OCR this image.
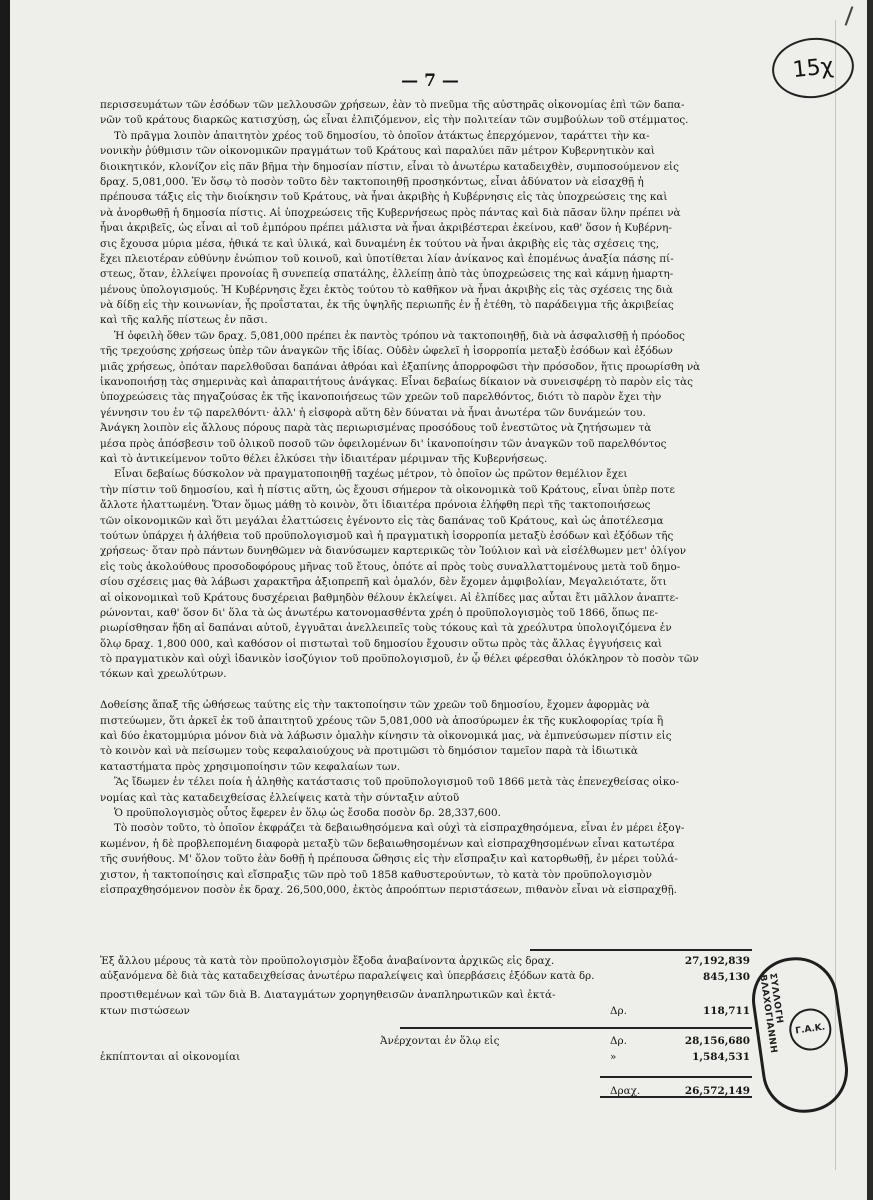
15χ
— 7 —
περισσευμάτων τῶν ἐσόδων τῶν μελλουσῶν χρήσεων, ἐὰν τὸ πνεῦμα τῆς αὐστηρᾶς οἰκονομίας ἐπὶ τῶν δαπα-
νῶν τοῦ κράτους διαρκῶς κατισχύσῃ, ὡς εἶναι ἐλπιζόμενον, εἰς τὴν πολιτείαν τῶν συμβούλων τοῦ στέμματος.
Τὸ πρᾶγμα λοιπὸν ἀπαιτητὸν χρέος τοῦ δημοσίου, τὸ ὁποῖον ἀτάκτως ἐπερχόμενον, ταράττει τὴν κα-
νονικὴν ῥύθμισιν τῶν οἰκονομικῶν πραγμάτων τοῦ Κράτους καὶ παραλύει πᾶν μέτρον Κυβερνητικὸν καὶ
διοικητικόν, κλονίζον εἰς πᾶν βῆμα τὴν δημοσίαν πίστιν, εἶναι τὸ ἀνωτέρω καταδειχθὲν, συμποσούμενον εἰς
δραχ. 5,081,000. Ἐν ὅσῳ τὸ ποσὸν τοῦτο δὲν τακτοποιηθῇ προσηκόντως, εἶναι ἀδύνατον νὰ εἰσαχθῇ ἡ
πρέπουσα τάξις εἰς τὴν διοίκησιν τοῦ Κράτους, νὰ ἦναι ἀκριβὴς ἡ Κυβέρνησις εἰς τὰς ὑποχρεώσεις της καὶ
νὰ ἀνορθωθῇ ἡ δημοσία πίστις. Αἱ ὑποχρεώσεις τῆς Κυβερνήσεως πρὸς πάντας καὶ διὰ πᾶσαν ὕλην πρέπει νὰ
ἦναι ἀκριβεῖς, ὡς εἶναι αἱ τοῦ ἐμπόρου πρέπει μάλιστα νὰ ἦναι ἀκριβέστεραι ἐκείνου, καθ' ὅσον ἡ Κυβέρνη-
σις ἔχουσα μύρια μέσα, ἠθικά τε καὶ ὑλικά, καὶ δυναμένη ἐκ τούτου νὰ ἦναι ἀκριβὴς εἰς τὰς σχέσεις της,
ἔχει πλειοτέραν εὐθύνην ἐνώπιον τοῦ κοινοῦ, καὶ ὑποτίθεται λίαν ἀνίκανος καὶ ἑπομένως ἀναξία πάσης πί-
στεως, ὅταν, ἐλλείψει προνοίας ἢ συνεπείᾳ σπατάλης, ἐλλείπῃ ἀπὸ τὰς ὑποχρεώσεις της καὶ κάμνῃ ἡμαρτη-
μένους ὑπολογισμούς. Ἡ Κυβέρνησις ἔχει ἐκτὸς τούτου τὸ καθῆκον νὰ ἦναι ἀκριβὴς εἰς τὰς σχέσεις της διὰ
νὰ δίδῃ εἰς τὴν κοινωνίαν, ἧς προΐσταται, ἐκ τῆς ὑψηλῆς περιωπῆς ἐν ᾗ ἐτέθη, τὸ παράδειγμα τῆς ἀκριβείας
καὶ τῆς καλῆς πίστεως ἐν πᾶσι.
Ἡ ὀφειλὴ ὅθεν τῶν δραχ. 5,081,000 πρέπει ἐκ παντὸς τρόπου νὰ τακτοποιηθῇ, διὰ νὰ ἀσφαλισθῇ ἡ πρόοδος
τῆς τρεχούσης χρήσεως ὑπὲρ τῶν ἀναγκῶν τῆς ἰδίας. Οὐδὲν ὠφελεῖ ἡ ἰσορροπία μεταξὺ ἐσόδων καὶ ἐξόδων
μιᾶς χρήσεως, ὁπόταν παρελθοῦσαι δαπάναι ἀθρόαι καὶ ἐξαπίνης ἀπορροφῶσι τὴν πρόσοδον, ἥτις προωρίσθη νὰ
ἱκανοποιήσῃ τὰς σημερινὰς καὶ ἀπαραιτήτους ἀνάγκας. Εἶναι δεβαίως δίκαιον νὰ συνεισφέρῃ τὸ παρὸν εἰς τὰς
ὑποχρεώσεις τὰς πηγαζούσας ἐκ τῆς ἱκανοποιήσεως τῶν χρεῶν τοῦ παρελθόντος, διότι τὸ παρὸν ἔχει τὴν
γέννησιν του ἐν τῷ παρελθόντι· ἀλλ' ἡ εἰσφορὰ αὕτη δὲν δύναται νὰ ἦναι ἀνωτέρα τῶν δυνάμεών του.
Ἀνάγκη λοιπὸν εἰς ἄλλους πόρους παρὰ τὰς περιωρισμένας προσόδους τοῦ ἐνεστῶτος νὰ ζητήσωμεν τὰ
μέσα πρὸς ἀπόσβεσιν τοῦ ὁλικοῦ ποσοῦ τῶν ὀφειλομένων δι' ἱκανοποίησιν τῶν ἀναγκῶν τοῦ παρελθόντος
καὶ τὸ ἀντικείμενον τοῦτο θέλει ἑλκύσει τὴν ἰδιαιτέραν μέριμναν τῆς Κυβερνήσεως.
Εἶναι δεβαίως δύσκολον νὰ πραγματοποιηθῇ ταχέως μέτρον, τὸ ὁποῖον ὡς πρῶτον θεμέλιον ἔχει
τὴν πίστιν τοῦ δημοσίου, καὶ ἡ πίστις αὕτη, ὡς ἔχουσι σήμερον τὰ οἰκονομικὰ τοῦ Κράτους, εἶναι ὑπὲρ ποτε
ἄλλοτε ἠλαττωμένη. Ὅταν ὅμως μάθῃ τὸ κοινὸν, ὅτι ἰδιαιτέρα πρόνοια ἐλήφθη περὶ τῆς τακτοποιήσεως
τῶν οἰκονομικῶν καὶ ὅτι μεγάλαι ἐλαττώσεις ἐγένοντο εἰς τὰς δαπάνας τοῦ Κράτους, καὶ ὡς ἀποτέλεσμα
τούτων ὑπάρχει ἡ ἀλήθεια τοῦ προϋπολογισμοῦ καὶ ἡ πραγματικὴ ἰσορροπία μεταξὺ ἐσόδων καὶ ἐξόδων τῆς
χρήσεως· ὅταν πρὸ πάντων δυνηθῶμεν νὰ διανύσωμεν καρτερικῶς τὸν Ἰούλιον καὶ νὰ εἰσέλθωμεν μετ' ὀλίγον
εἰς τοὺς ἀκολούθους προσοδοφόρους μῆνας τοῦ ἔτους, ὁπότε αἱ πρὸς τοὺς συναλλαττομένους μετὰ τοῦ δημο-
σίου σχέσεις μας θὰ λάβωσι χαρακτῆρα ἀξιοπρεπῆ καὶ ὁμαλόν, δὲν ἔχομεν ἀμφιβολίαν, Μεγαλειότατε, ὅτι
αἱ οἰκονομικαὶ τοῦ Κράτους δυσχέρειαι βαθμηδὸν θέλουν ἐκλείψει. Αἱ ἐλπίδες μας αὗται ἔτι μᾶλλον ἀναπτε-
ρώνονται, καθ' ὅσον δι' ὅλα τὰ ὡς ἀνωτέρω κατονομασθέντα χρέη ὁ προϋπολογισμὸς τοῦ 1866, ὅπως πε-
ριωρίσθησαν ἤδη αἱ δαπάναι αὐτοῦ, ἐγγυᾶται ἀνελλειπεῖς τοὺς τόκους καὶ τὰ χρεόλυτρα ὑπολογιζόμενα ἐν
ὅλῳ δραχ. 1,800 000, καὶ καθόσον οἱ πιστωταὶ τοῦ δημοσίου ἔχουσιν οὕτω πρὸς τὰς ἄλλας ἐγγυήσεις καὶ
τὸ πραγματικὸν καὶ οὐχὶ ἰδανικὸν ἰσοζύγιον τοῦ προϋπολογισμοῦ, ἐν ᾧ θέλει φέρεσθαι ὁλόκληρον τὸ ποσὸν τῶν
τόκων καὶ χρεωλύτρων.
Δοθείσης ἅπαξ τῆς ὠθήσεως ταύτης εἰς τὴν τακτοποίησιν τῶν χρεῶν τοῦ δημοσίου, ἔχομεν ἀφορμὰς νὰ
πιστεύωμεν, ὅτι ἀρκεῖ ἐκ τοῦ ἀπαιτητοῦ χρέους τῶν 5,081,000 νὰ ἀποσύρωμεν ἐκ τῆς κυκλοφορίας τρία ἢ
καὶ δύο ἑκατομμύρια μόνον διὰ νὰ λάβωσιν ὁμαλὴν κίνησιν τὰ οἰκονομικά μας, νὰ ἐμπνεύσωμεν πίστιν εἰς
τὸ κοινὸν καὶ νὰ πείσωμεν τοὺς κεφαλαιούχους νὰ προτιμῶσι τὸ δημόσιον ταμεῖον παρὰ τὰ ἰδιωτικὰ
καταστήματα πρὸς χρησιμοποίησιν τῶν κεφαλαίων των.
Ἂς ἴδωμεν ἐν τέλει ποία ἡ ἀληθὴς κατάστασις τοῦ προϋπολογισμοῦ τοῦ 1866 μετὰ τὰς ἐπενεχθείσας οἰκο-
νομίας καὶ τὰς καταδειχθείσας ἐλλείψεις κατὰ τὴν σύνταξιν αὐτοῦ
Ὁ προϋπολογισμὸς οὗτος ἔφερεν ἐν ὅλῳ ὡς ἔσοδα ποσὸν δρ. 28,337,600.
Τὸ ποσὸν τοῦτο, τὸ ὁποῖον ἐκφράζει τὰ δεβαιωθησόμενα καὶ οὐχὶ τὰ εἰσπραχθησόμενα, εἶναι ἐν μέρει ἐξογ-
κωμένον, ἡ δὲ προβλεπομένη διαφορὰ μεταξὺ τῶν δεβαιωθησομένων καὶ εἰσπραχθησομένων εἶναι κατωτέρα
τῆς συνήθους. Μ' ὅλον τοῦτο ἐὰν δοθῇ ἡ πρέπουσα ὤθησις εἰς τὴν εἴσπραξιν καὶ κατορθωθῇ, ἐν μέρει τοὐλά-
χιστον, ἡ τακτοποίησις καὶ εἴσπραξις τῶν πρὸ τοῦ 1858 καθυστερούντων, τὸ κατὰ τὸν προϋπολογισμὸν
εἰσπραχθησόμενον ποσὸν ἐκ δραχ. 26,500,000, ἐκτὸς ἀπροόπτων περιστάσεων, πιθανὸν εἶναι νὰ εἰσπραχθῇ.
Ἐξ ἄλλου μέρους τὰ κατὰ τὸν προϋπολογισμὸν ἔξοδα ἀναβαίνοντα ἀρχικῶς εἰς δραχ.	27,192,839
αὐξανόμενα δὲ διὰ τὰς καταδειχθείσας ἀνωτέρω παραλείψεις καὶ ὑπερβάσεις ἐξόδων κατὰ δρ.	845,130
προστιθεμένων καὶ τῶν διὰ Β. Διαταγμάτων χορηγηθεισῶν ἀναπληρωτικῶν καὶ ἐκτά-
κτων πιστώσεων	Δρ.	118,711
Ἀνέρχονται ἐν ὅλῳ εἰς	Δρ.	28,156,680
ἐκπίπτονται αἱ οἰκονομίαι	»	1,584,531
Δραχ.	26,572,149
ΣΥΛΛΟΓΗ ΒΛΑΧΟΓΙΑΝΝΗ	Γ.Α.Κ.
